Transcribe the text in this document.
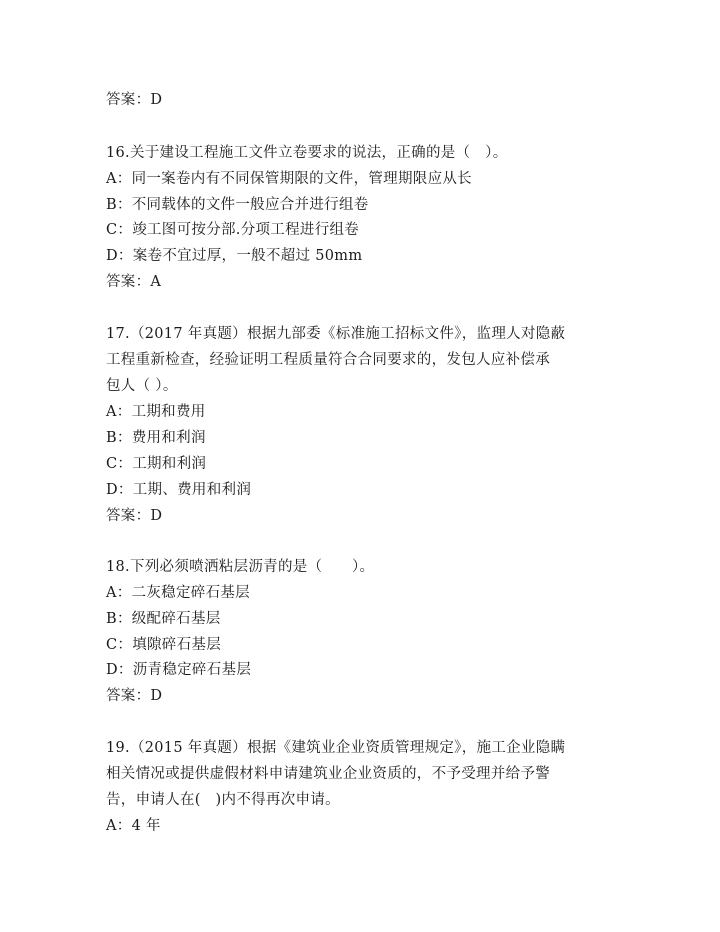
答案：D
16.关于建设工程施工文件立卷要求的说法，正确的是（　）。
A：同一案卷内有不同保管期限的文件，管理期限应从长
B：不同载体的文件一般应合并进行组卷
C：竣工图可按分部.分项工程进行组卷
D：案卷不宜过厚，一般不超过 50mm
答案：A
17.（2017 年真题）根据九部委《标准施工招标文件》，监理人对隐蔽
工程重新检查，经验证明工程质量符合合同要求的，发包人应补偿承
包人（ ）。
A：工期和费用
B：费用和利润
C：工期和利润
D：工期、费用和利润
答案：D
18.下列必须喷洒粘层沥青的是（　　）。
A：二灰稳定碎石基层
B：级配碎石基层
C：填隙碎石基层
D：沥青稳定碎石基层
答案：D
19.（2015 年真题）根据《建筑业企业资质管理规定》，施工企业隐瞒
相关情况或提供虚假材料申请建筑业企业资质的，不予受理并给予警
告，申请人在(　)内不得再次申请。
A：4 年
